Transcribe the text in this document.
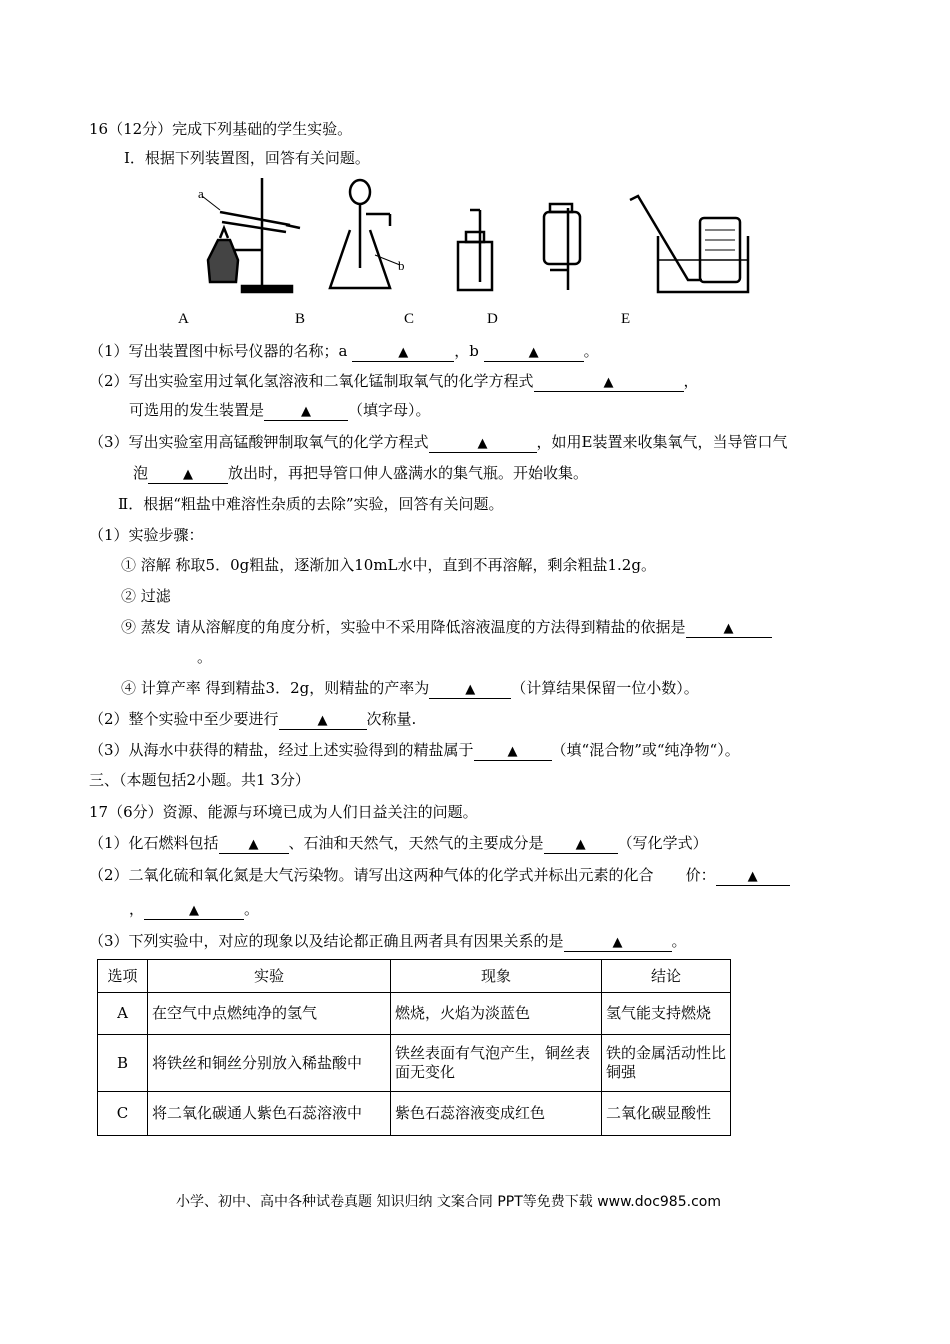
16（12分）完成下列基础的学生实验。
I．根据下列装置图，回答有关问题。
a
b
A	B	C	D	E
（1）写出装置图中标号仪器的名称；a	▲	，b	▲	。
（2）写出实验室用过氧化氢溶液和二氧化锰制取氧气的化学方程式	▲	，
可选用的发生装置是	▲ （填字母）。
（3）写出实验室用高锰酸钾制取氧气的化学方程式	▲	，如用E装置来收集氧气，当导管口气
泡	▲ 放出时，再把导管口伸人盛满水的集气瓶。开始收集。
Ⅱ．根据“粗盐中难溶性杂质的去除”实验，回答有关问题。
（1）实验步骤：
① 溶解 称取5．0g粗盐，逐渐加入10mL水中，直到不再溶解，剩余粗盐1.2g。
② 过滤
⑨ 蒸发 请从溶解度的角度分析，实验中不采用降低溶液温度的方法得到精盐的依据是	▲
。
④ 计算产率 得到精盐3．2g，则精盐的产率为	▲ （计算结果保留一位小数）。
（2）整个实验中至少要进行	▲	次称量.
（3）从海水中获得的精盐，经过上述实验得到的精盐属于	▲ （填“混合物”或“纯净物“）。
三、（本题包括2小题。共1 3分）
17（6分）资源、能源与环境已成为人们日益关注的问题。
（1）化石燃料包括 ▲ 、石油和天然气，天然气的主要成分是 ▲ （写化学式）
（2）二氧化硫和氧化氮是大气污染物。请写出这两种气体的化学式并标出元素的化合 价： ▲
，	▲	。
（3）下列实验中，对应的现象以及结论都正确且两者具有因果关系的是	▲	。
选项	实验	现象	结论
A	在空气中点燃纯净的氢气	燃烧，火焰为淡蓝色	氢气能支持燃烧
B	将铁丝和铜丝分别放入稀盐酸中	铁丝表面有气泡产生，铜丝表面无变化	铁的金属活动性比铜强
C	将二氧化碳通人紫色石蕊溶液中	紫色石蕊溶液变成红色	二氧化碳显酸性
小学、初中、高中各种试卷真题 知识归纳 文案合同 PPT等免费下载 www.doc985.com
